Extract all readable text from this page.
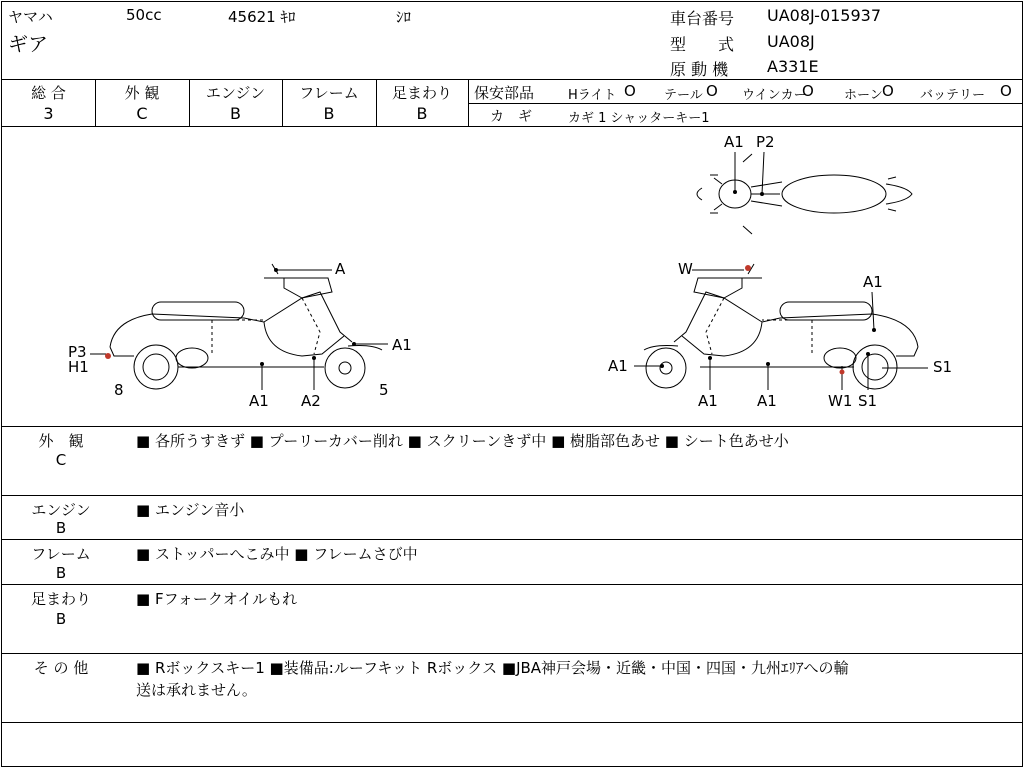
ヤマハ	50cc	45621 ｷﾛ	ｼﾛ
ギア
車台番号 UA08J-015937
型　　式 UA08J
原 動 機 A331E
総 合
3
外 観
C
エンジン
B
フレーム
B
足まわり
B
保安部品	Hライト O テール O ウインカー
O ホーン O バッテリー O
カ　ギ	カギ 1 シャッターキー1
A1 P2
A
P3
H1
A1
8
A1 A2
5
W
A1
A1	S1
A1	A1	W1 S1
外　観
C
■ 各所うすきず ■ プーリーカバー削れ ■ スクリーンきず中 ■ 樹脂部色あせ ■ シート色あせ小
エンジン
B
■ エンジン音小
フレーム
B
■ ストッパーへこみ中 ■ フレームさび中
足まわり
B
■ Fフォークオイルもれ
そ の 他	■ Rボックスキー1 ■装備品:ルーフキット Rボックス ■JBA神戸会場・近畿・中国・四国・九州ｴﾘｱへの輸
送は承れません。
